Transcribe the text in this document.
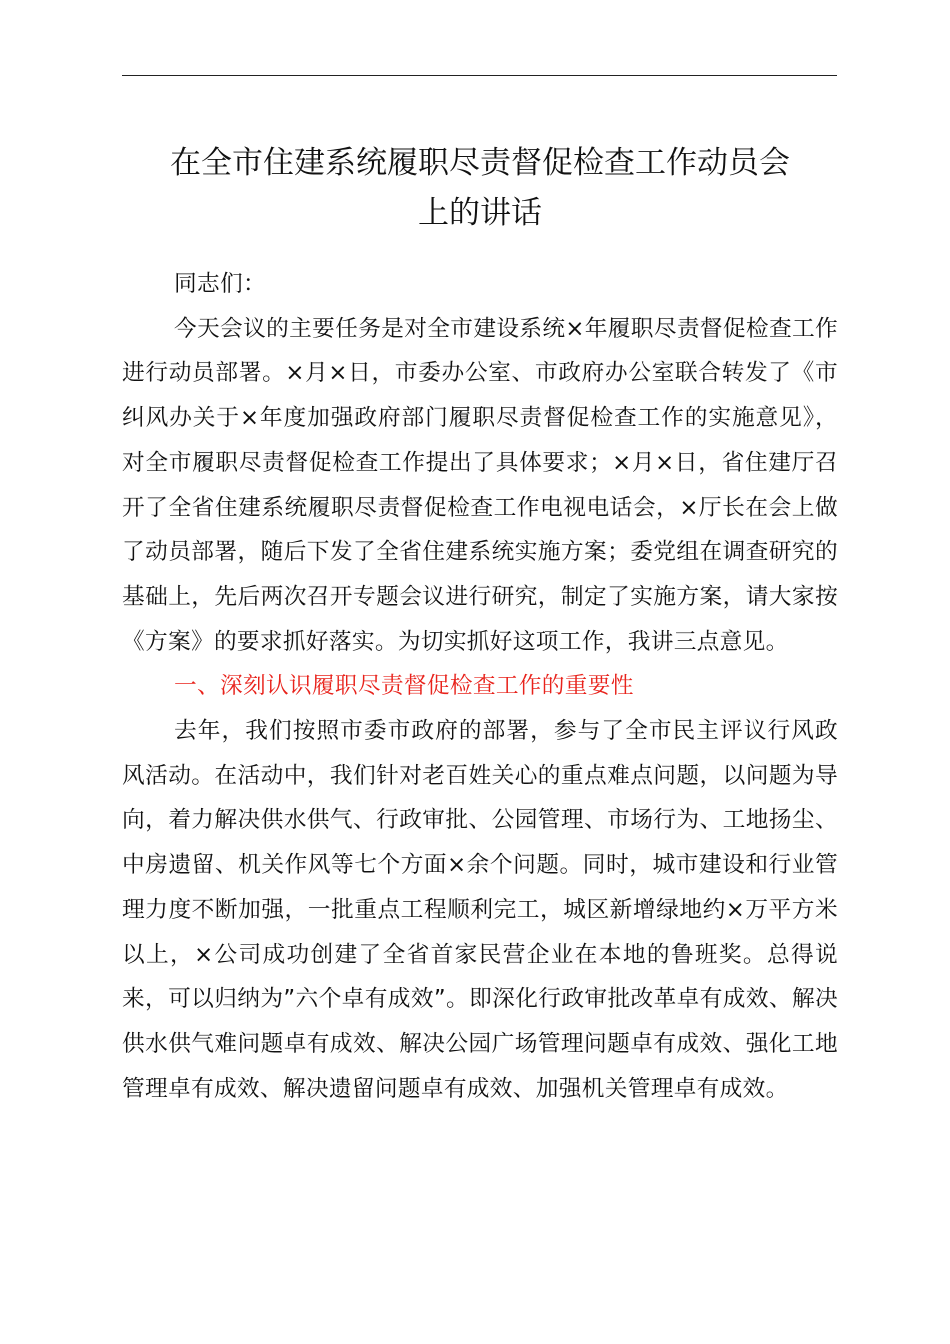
在全市住建系统履职尽责督促检查工作动员会
上的讲话

同志们：

今天会议的主要任务是对全市建设系统×年履职尽责督促检查工作进行动员部署。×月×日，市委办公室、市政府办公室联合转发了《市纠风办关于×年度加强政府部门履职尽责督促检查工作的实施意见》，对全市履职尽责督促检查工作提出了具体要求；×月×日，省住建厅召开了全省住建系统履职尽责督促检查工作电视电话会，×厅长在会上做了动员部署，随后下发了全省住建系统实施方案；委党组在调查研究的基础上，先后两次召开专题会议进行研究，制定了实施方案，请大家按《方案》的要求抓好落实。为切实抓好这项工作，我讲三点意见。

一、深刻认识履职尽责督促检查工作的重要性

去年，我们按照市委市政府的部署，参与了全市民主评议行风政风活动。在活动中，我们针对老百姓关心的重点难点问题，以问题为导向，着力解决供水供气、行政审批、公园管理、市场行为、工地扬尘、中房遗留、机关作风等七个方面×余个问题。同时，城市建设和行业管理力度不断加强，一批重点工程顺利完工，城区新增绿地约×万平方米以上，×公司成功创建了全省首家民营企业在本地的鲁班奖。总得说来，可以归纳为”六个卓有成效”。即深化行政审批改革卓有成效、解决供水供气难问题卓有成效、解决公园广场管理问题卓有成效、强化工地管理卓有成效、解决遗留问题卓有成效、加强机关管理卓有成效。
